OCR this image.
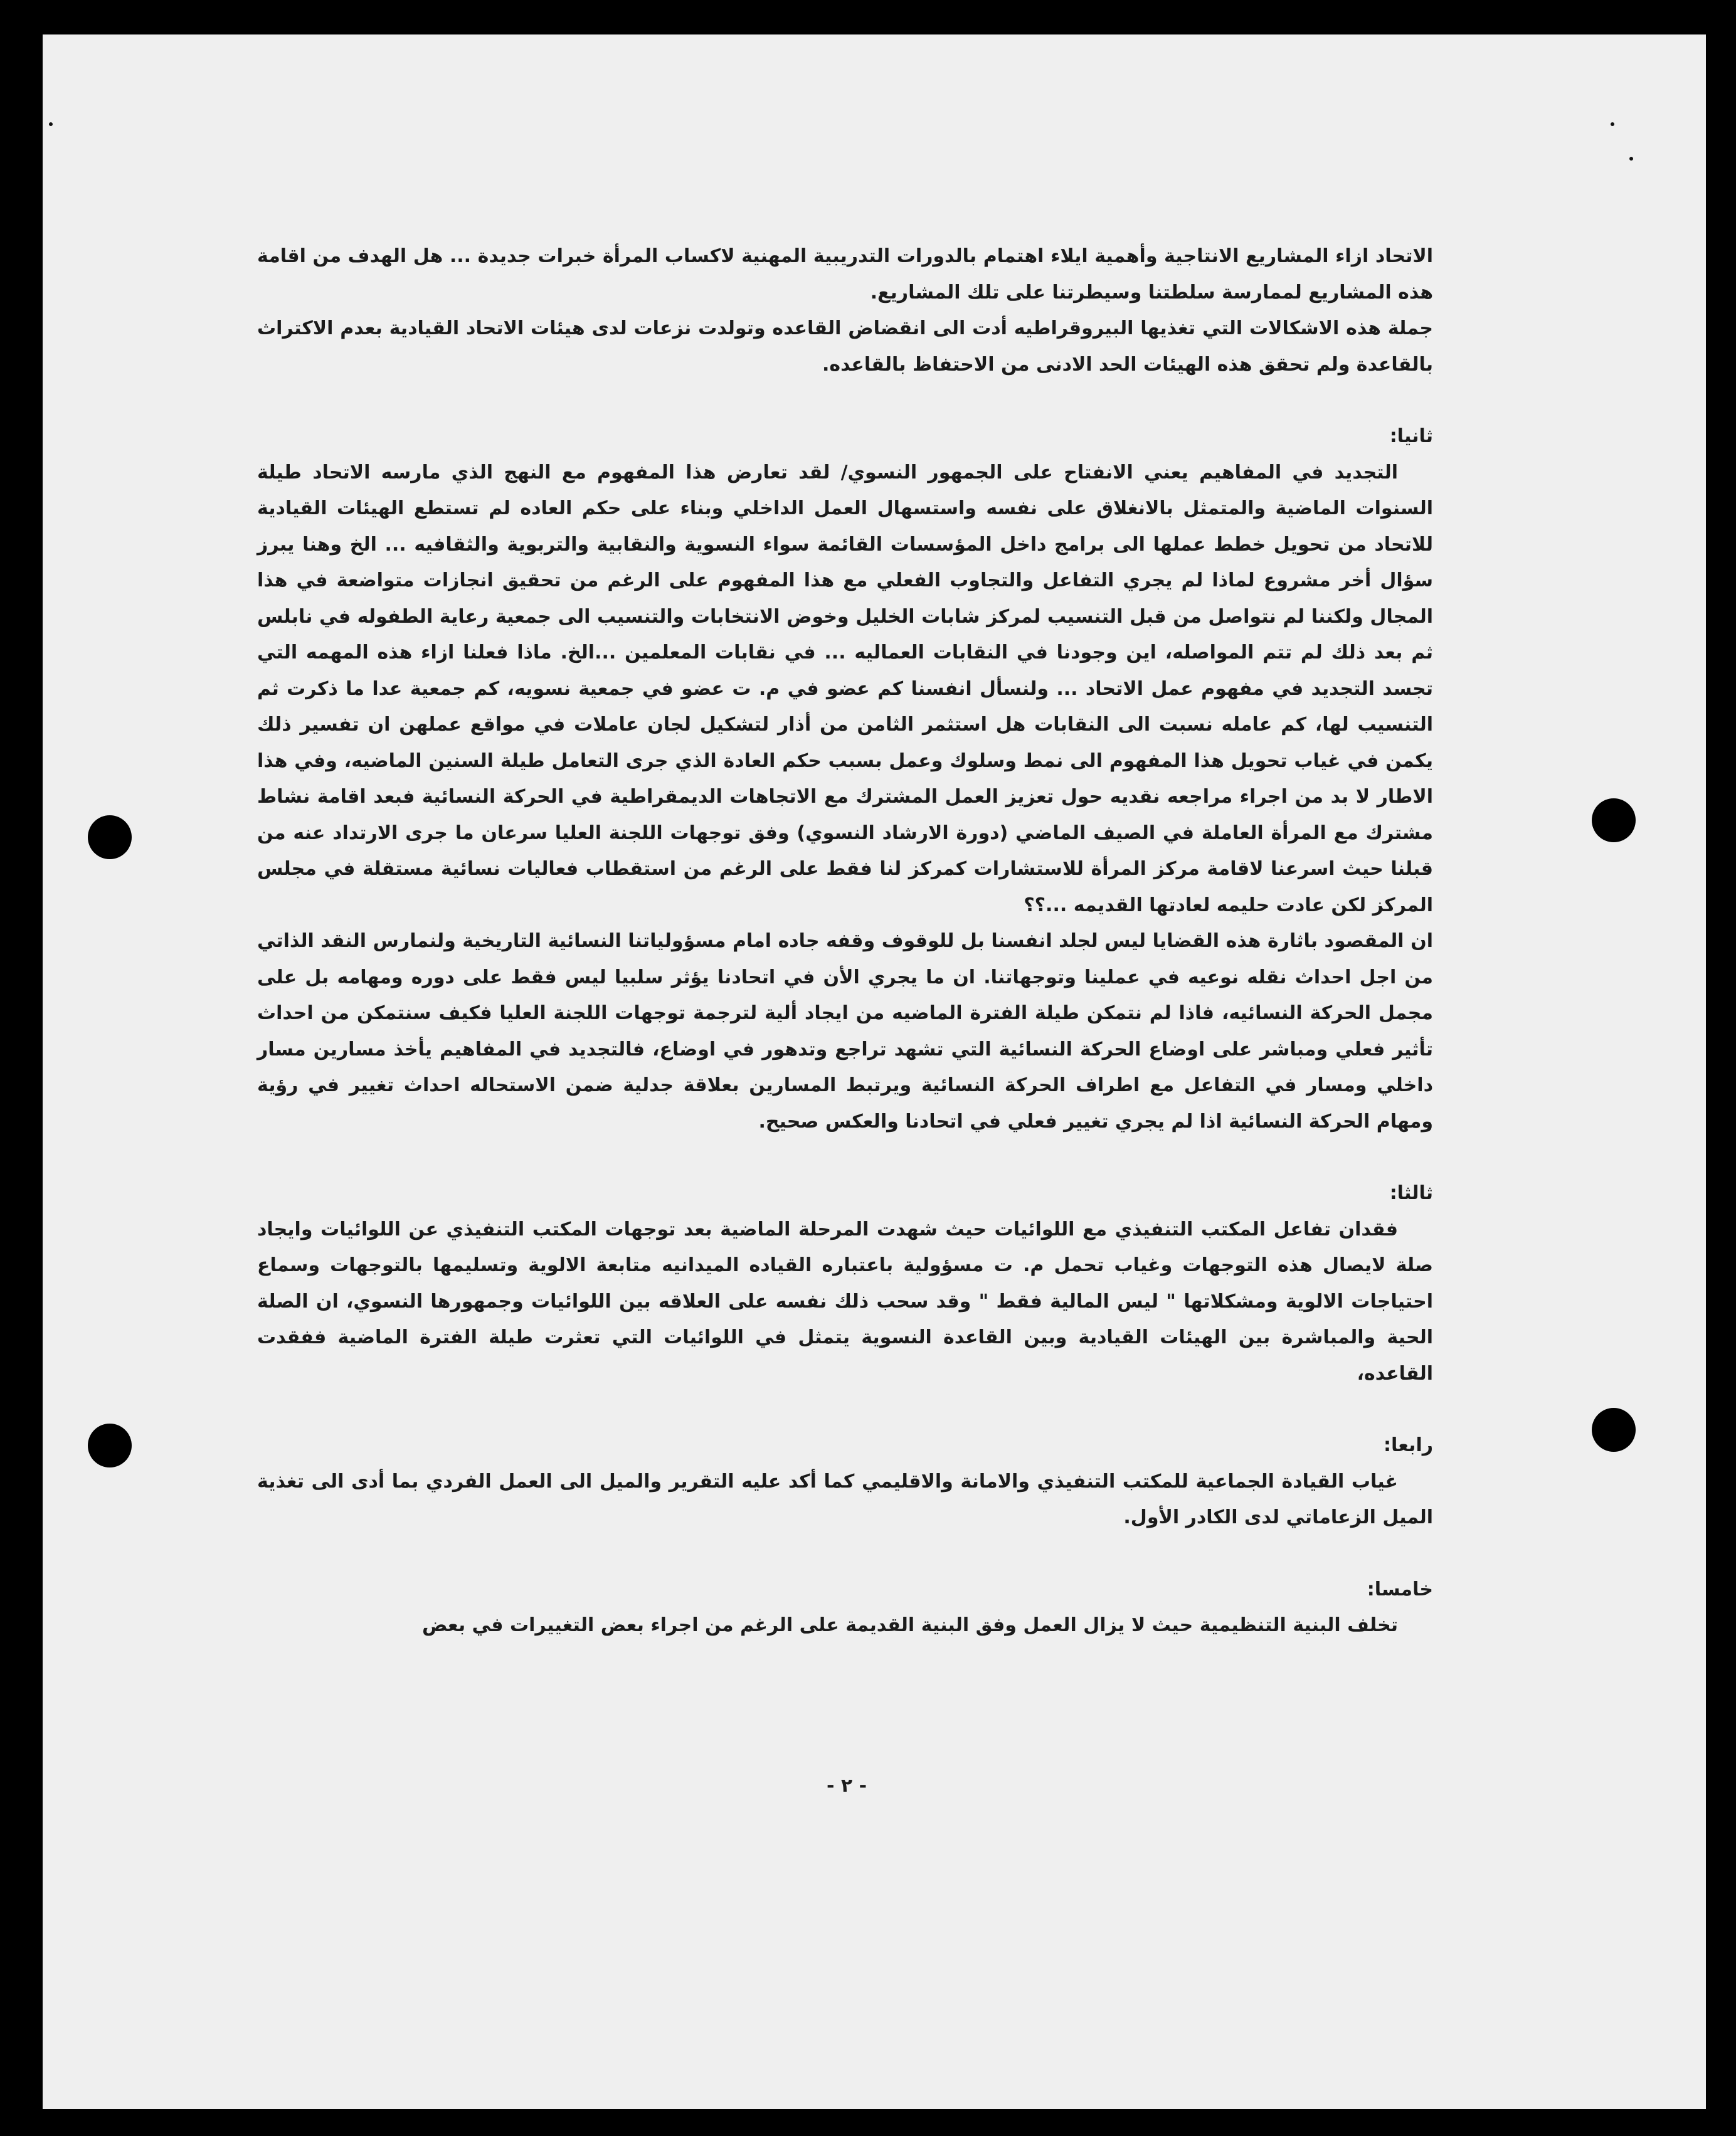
الاتحاد ازاء المشاريع الانتاجية وأهمية ايلاء اهتمام بالدورات التدريبية المهنية لاكساب المرأة خبرات جديدة ... هل الهدف من اقامة هذه المشاريع لممارسة سلطتنا وسيطرتنا على تلك المشاريع.

جملة هذه الاشكالات التي تغذيها البيروقراطيه أدت الى انقضاض القاعده وتولدت نزعات لدى هيئات الاتحاد القيادية بعدم الاكتراث بالقاعدة ولم تحقق هذه الهيئات الحد الادنى من الاحتفاظ بالقاعده.

ثانيا:

التجديد في المفاهيم يعني الانفتاح على الجمهور النسوي/ لقد تعارض هذا المفهوم مع النهج الذي مارسه الاتحاد طيلة السنوات الماضية والمتمثل بالانغلاق على نفسه واستسهال العمل الداخلي وبناء على حكم العاده لم تستطع الهيئات القيادية للاتحاد من تحويل خطط عملها الى برامج داخل المؤسسات القائمة سواء النسوية والنقابية والتربوية والثقافيه ... الخ وهنا يبرز سؤال أخر مشروع لماذا لم يجري التفاعل والتجاوب الفعلي مع هذا المفهوم على الرغم من تحقيق انجازات متواضعة في هذا المجال ولكننا لم نتواصل من قبل التنسيب لمركز شابات الخليل وخوض الانتخابات والتنسيب الى جمعية رعاية الطفوله في نابلس ثم بعد ذلك لم تتم المواصله، اين وجودنا في النقابات العماليه ... في نقابات المعلمين ...الخ. ماذا فعلنا ازاء هذه المهمه التي تجسد التجديد في مفهوم عمل الاتحاد ... ولنسأل انفسنا كم عضو في م. ت عضو في جمعية نسويه، كم جمعية عدا ما ذكرت ثم التنسيب لها، كم عامله نسبت الى النقابات هل استثمر الثامن من أذار لتشكيل لجان عاملات في مواقع عملهن ان تفسير ذلك يكمن في غياب تحويل هذا المفهوم الى نمط وسلوك وعمل بسبب حكم العادة الذي جرى التعامل طيلة السنين الماضيه، وفي هذا الاطار لا بد من اجراء مراجعه نقديه حول تعزيز العمل المشترك مع الاتجاهات الديمقراطية في الحركة النسائية فبعد اقامة نشاط مشترك مع المرأة العاملة في الصيف الماضي (دورة الارشاد النسوي) وفق توجهات اللجنة العليا سرعان ما جرى الارتداد عنه من قبلنا حيث اسرعنا لاقامة مركز المرأة للاستشارات كمركز لنا فقط على الرغم من استقطاب فعاليات نسائية مستقلة في مجلس المركز لكن عادت حليمه لعادتها القديمه ...؟؟

ان المقصود باثارة هذه القضايا ليس لجلد انفسنا بل للوقوف وقفه جاده امام مسؤولياتنا النسائية التاريخية ولنمارس النقد الذاتي من اجل احداث نقله نوعيه في عملينا وتوجهاتنا. ان ما يجري الأن في اتحادنا يؤثر سلبيا ليس فقط على دوره ومهامه بل على مجمل الحركة النسائيه، فاذا لم نتمكن طيلة الفترة الماضيه من ايجاد ألية لترجمة توجهات اللجنة العليا فكيف سنتمكن من احداث تأثير فعلي ومباشر على اوضاع الحركة النسائية التي تشهد تراجع وتدهور في اوضاع، فالتجديد في المفاهيم يأخذ مسارين مسار داخلي ومسار في التفاعل مع اطراف الحركة النسائية ويرتبط المسارين بعلاقة جدلية ضمن الاستحاله احداث تغيير في رؤية ومهام الحركة النسائية اذا لم يجري تغيير فعلي في اتحادنا والعكس صحيح.

ثالثا:

فقدان تفاعل المكتب التنفيذي مع اللوائيات حيث شهدت المرحلة الماضية بعد توجهات المكتب التنفيذي عن اللوائيات وايجاد صلة لايصال هذه التوجهات وغياب تحمل م. ت مسؤولية باعتباره القياده الميدانيه متابعة الالوية وتسليمها بالتوجهات وسماع احتياجات الالوية ومشكلاتها " ليس المالية فقط " وقد سحب ذلك نفسه على العلاقه بين اللوائيات وجمهورها النسوي، ان الصلة الحية والمباشرة بين الهيئات القيادية وبين القاعدة النسوية يتمثل في اللوائيات التي تعثرت طيلة الفترة الماضية ففقدت القاعده،

رابعا:

غياب القيادة الجماعية للمكتب التنفيذي والامانة والاقليمي كما أكد عليه التقرير والميل الى العمل الفردي بما أدى الى تغذية الميل الزعاماتي لدى الكادر الأول.

خامسا:

تخلف البنية التنظيمية حيث لا يزال العمل وفق البنية القديمة على الرغم من اجراء بعض التغييرات في بعض

- ٢ -
